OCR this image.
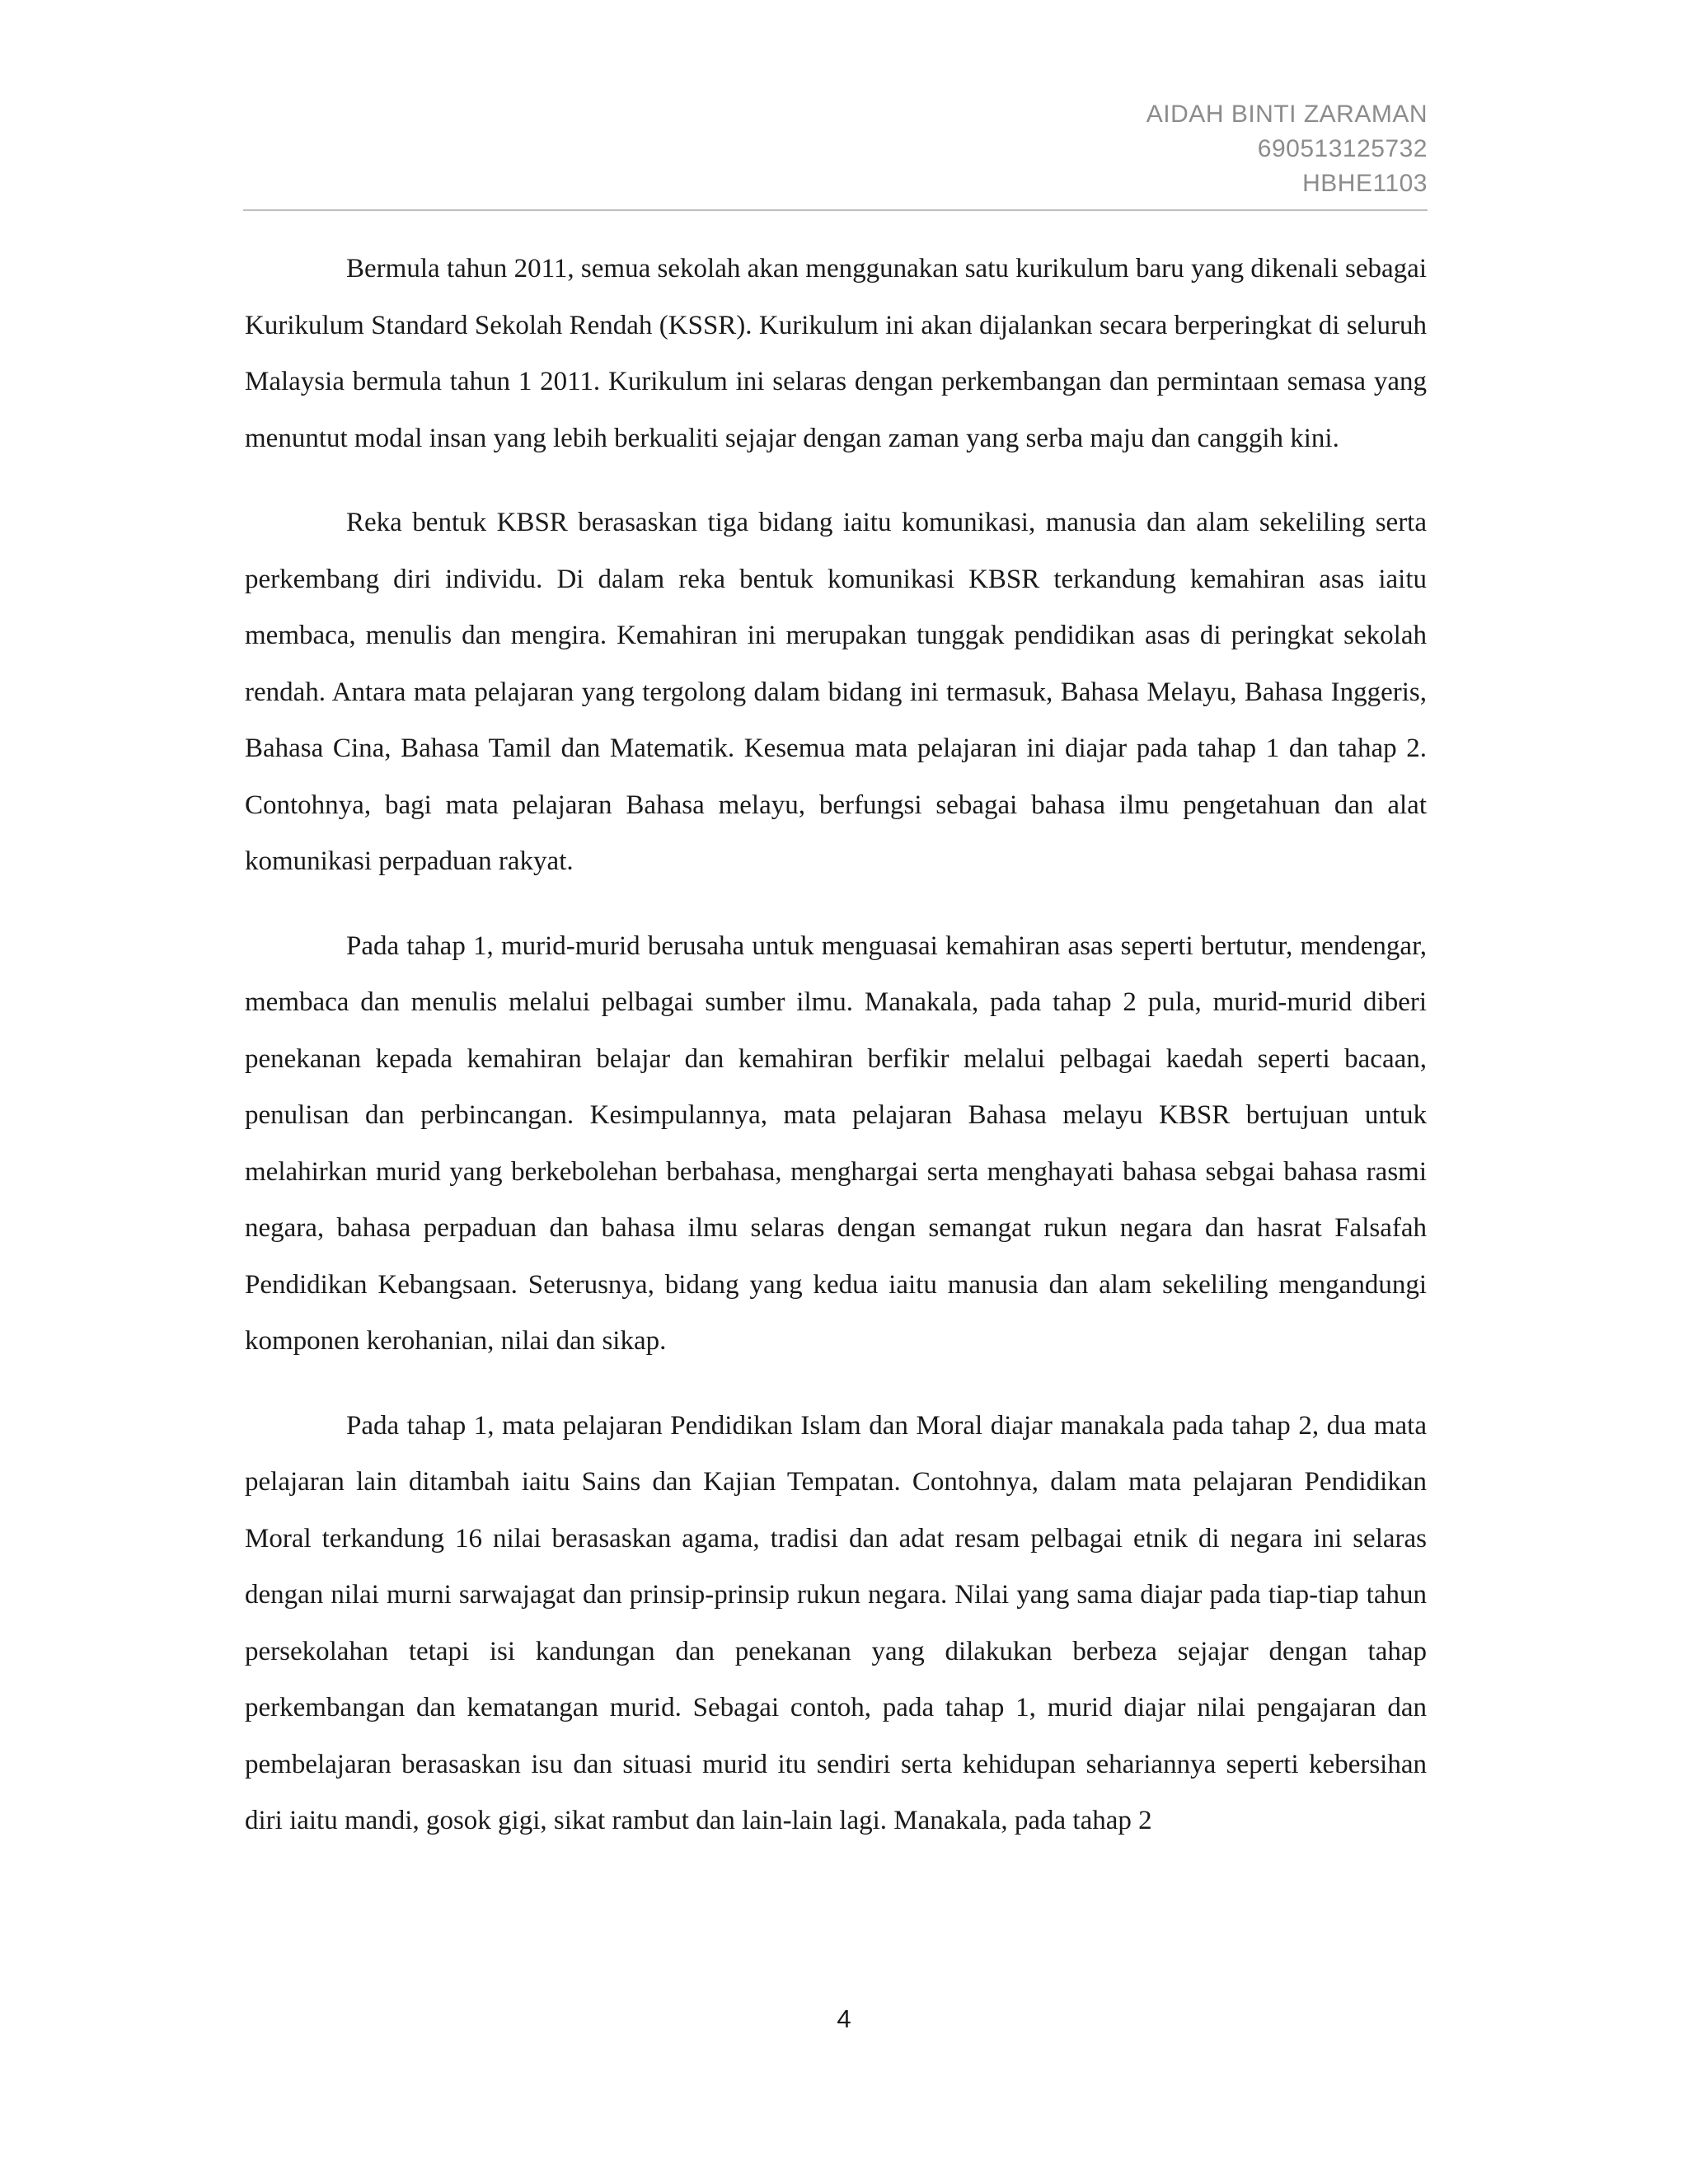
AIDAH BINTI ZARAMAN
690513125732
HBHE1103

Bermula tahun 2011, semua sekolah akan menggunakan satu kurikulum baru yang dikenali sebagai Kurikulum Standard Sekolah Rendah (KSSR). Kurikulum ini akan dijalankan secara berperingkat di seluruh Malaysia bermula tahun 1 2011. Kurikulum ini selaras dengan perkembangan dan permintaan semasa yang menuntut modal insan yang lebih berkualiti sejajar dengan zaman yang serba maju dan canggih kini.

Reka bentuk KBSR berasaskan tiga bidang iaitu komunikasi, manusia dan alam sekeliling serta perkembang diri individu. Di dalam reka bentuk komunikasi KBSR terkandung kemahiran asas iaitu membaca, menulis dan mengira. Kemahiran ini merupakan tunggak pendidikan asas di peringkat sekolah rendah. Antara mata pelajaran yang tergolong dalam bidang ini termasuk, Bahasa Melayu, Bahasa Inggeris, Bahasa Cina, Bahasa Tamil dan Matematik. Kesemua mata pelajaran ini diajar pada tahap 1 dan tahap 2. Contohnya, bagi mata pelajaran Bahasa melayu, berfungsi sebagai bahasa ilmu pengetahuan dan alat komunikasi perpaduan rakyat.

Pada tahap 1, murid-murid berusaha untuk menguasai kemahiran asas seperti bertutur, mendengar, membaca dan menulis melalui pelbagai sumber ilmu. Manakala, pada tahap 2 pula, murid-murid diberi penekanan kepada kemahiran belajar dan kemahiran berfikir melalui pelbagai kaedah seperti bacaan, penulisan dan perbincangan. Kesimpulannya, mata pelajaran Bahasa melayu KBSR bertujuan untuk melahirkan murid yang berkebolehan berbahasa, menghargai serta menghayati bahasa sebgai bahasa rasmi negara, bahasa perpaduan dan bahasa ilmu selaras dengan semangat rukun negara dan hasrat Falsafah Pendidikan Kebangsaan. Seterusnya, bidang yang kedua iaitu manusia dan alam sekeliling mengandungi komponen kerohanian, nilai dan sikap.

Pada tahap 1, mata pelajaran Pendidikan Islam dan Moral diajar manakala pada tahap 2, dua mata pelajaran lain ditambah iaitu Sains dan Kajian Tempatan. Contohnya, dalam mata pelajaran Pendidikan Moral terkandung 16 nilai berasaskan agama, tradisi dan adat resam pelbagai etnik di negara ini selaras dengan nilai murni sarwajagat dan prinsip-prinsip rukun negara. Nilai yang sama diajar pada tiap-tiap tahun persekolahan tetapi isi kandungan dan penekanan yang dilakukan berbeza sejajar dengan tahap perkembangan dan kematangan murid. Sebagai contoh, pada tahap 1, murid diajar nilai pengajaran dan pembelajaran berasaskan isu dan situasi murid itu sendiri serta kehidupan sehariannya seperti kebersihan diri iaitu mandi, gosok gigi, sikat rambut dan lain-lain lagi. Manakala, pada tahap 2

4
